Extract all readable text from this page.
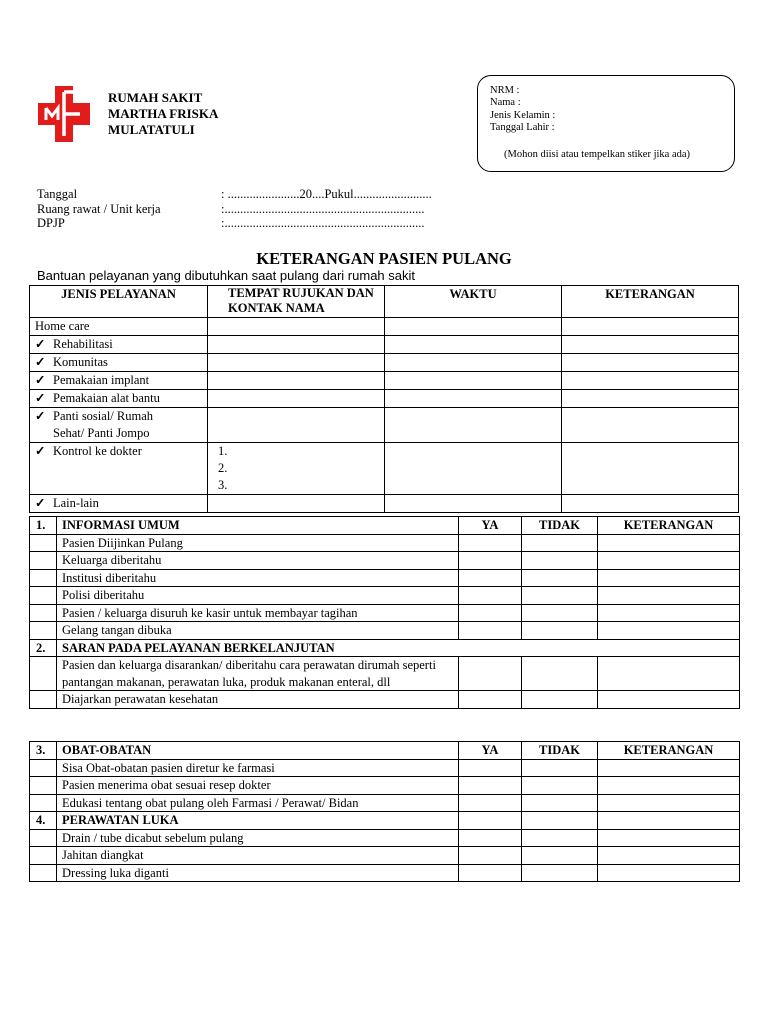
RUMAH SAKIT
MARTHA FRISKA
MULATATULI
NRM :
Nama :
Jenis Kelamin :
Tanggal Lahir :
(Mohon diisi atau tempelkan stiker jika ada)
Tanggal	: .......................20....Pukul.........................
Ruang rawat / Unit kerja	:................................................................
DPJP	:................................................................
KETERANGAN PASIEN PULANG
Bantuan pelayanan yang dibutuhkan saat pulang dari rumah sakit
JENIS PELAYANAN	TEMPAT RUJUKAN DAN KONTAK NAMA	WAKTU	KETERANGAN
Home care			
✓ Rehabilitasi			
✓ Komunitas			
✓ Pemakaian implant			
✓ Pemakaian alat bantu			

✓ Panti sosial/ Rumah
Sehat/ Panti Jompo

✓ Kontrol ke dokter	1.
2.
3.		

✓ Lain-lain			
1.	INFORMASI UMUM	YA	TIDAK	KETERANGAN
	Pasien Diijinkan Pulang			
	Keluarga diberitahu			
	Institusi diberitahu			
	Polisi diberitahu			
	Pasien / keluarga disuruh ke kasir untuk membayar tagihan			
	Gelang tangan dibuka			
2.	SARAN PADA PELAYANAN BERKELANJUTAN			
	Pasien dan keluarga disarankan/ diberitahu cara perawatan dirumah seperti pantangan makanan, perawatan luka, produk makanan enteral, dll			
	Diajarkan perawatan kesehatan			
3.	OBAT-OBATAN	YA	TIDAK	KETERANGAN
	Sisa Obat-obatan pasien diretur ke farmasi			
	Pasien menerima obat sesuai resep dokter			
	Edukasi tentang obat pulang oleh Farmasi / Perawat/ Bidan			
4.	PERAWATAN LUKA			
	Drain / tube dicabut sebelum pulang			
	Jahitan diangkat			
	Dressing luka diganti			
